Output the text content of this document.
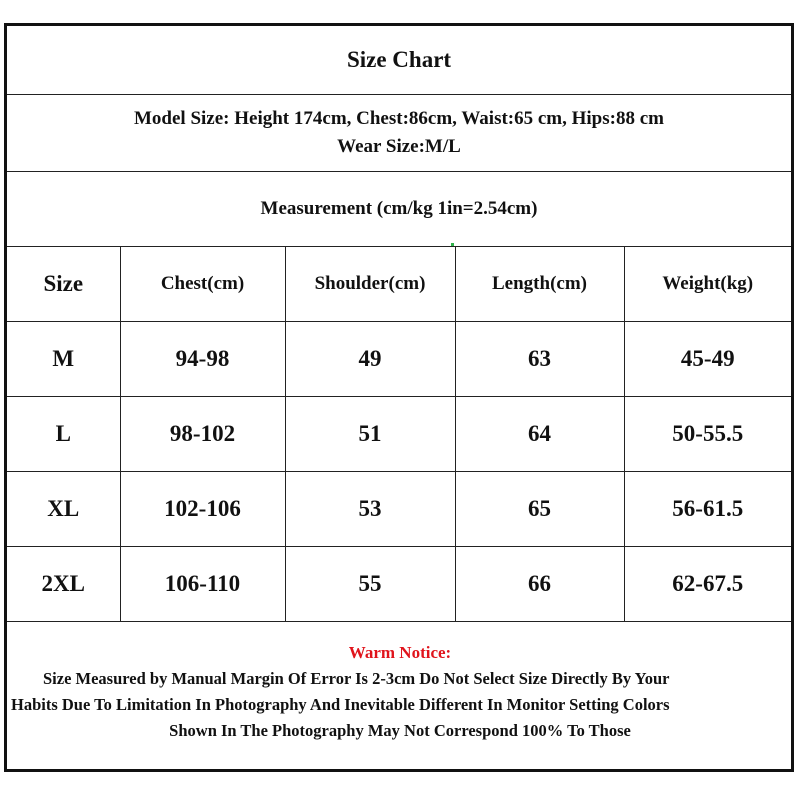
Size Chart
Model Size: Height 174cm, Chest:86cm, Waist:65 cm, Hips:88 cm
Wear Size:M/L
Measurement (cm/kg 1in=2.54cm)
Size	Chest(cm)	Shoulder(cm)	Length(cm)	Weight(kg)
M	94-98	49	63	45-49
L	98-102	51	64	50-55.5
XL	102-106	53	65	56-61.5
2XL	106-110	55	66	62-67.5
Warm Notice:
Size Measured by Manual Margin Of Error Is 2-3cm Do Not Select Size Directly By Your
Habits Due To Limitation In Photography And Inevitable Different In Monitor Setting Colors
Shown In The Photography May Not Correspond 100% To Those
